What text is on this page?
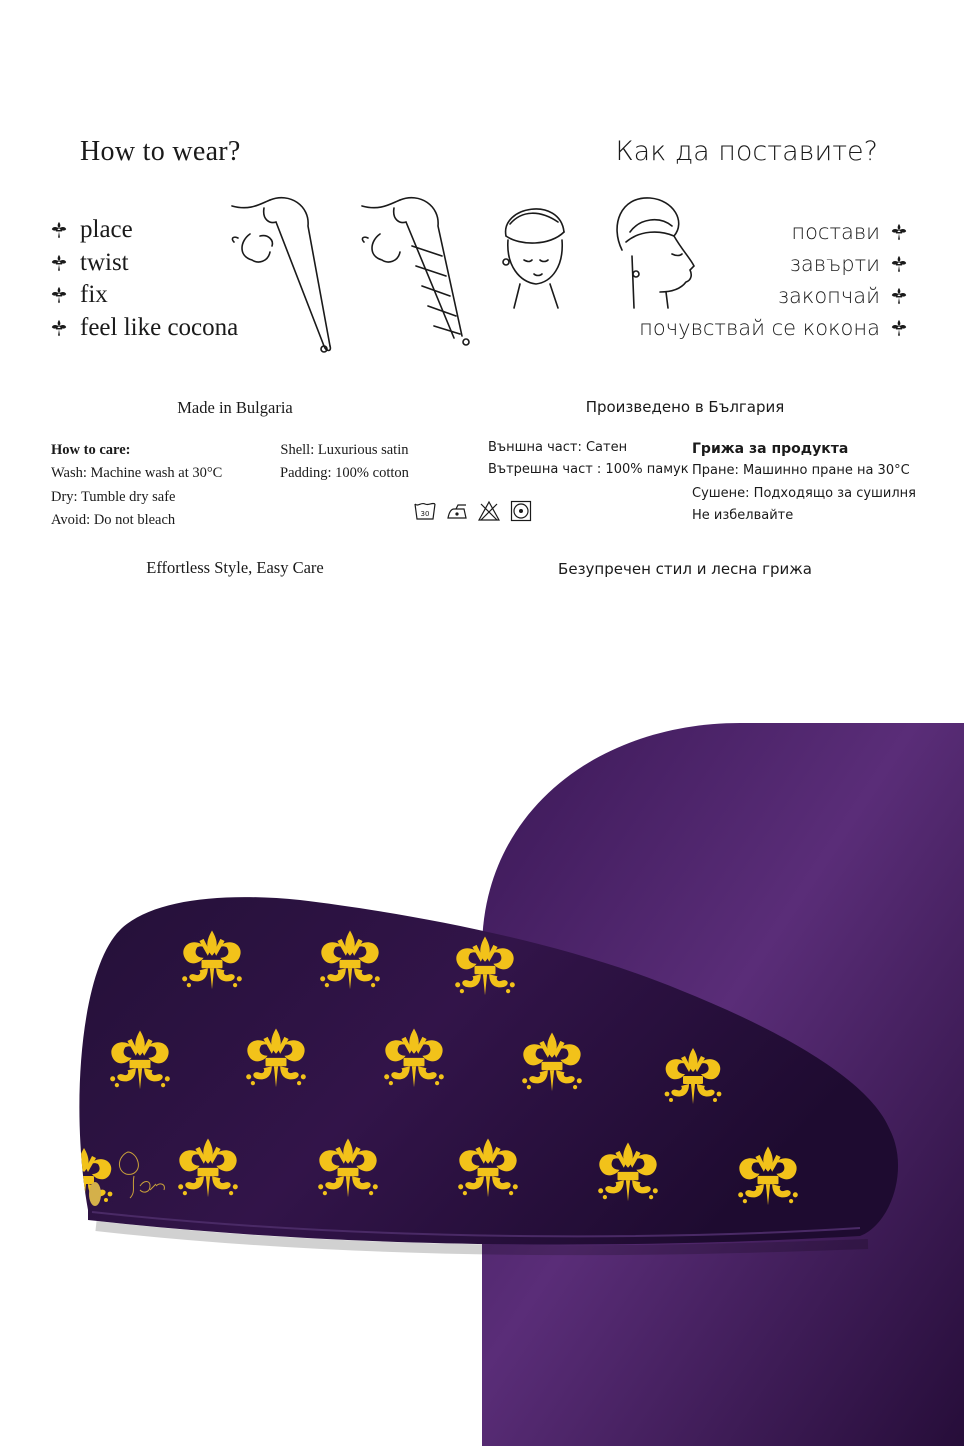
How to wear?	Как да поставите?
place
twist
fix
feel like cocona
постави
завърти
закопчай
почувствай се кокона
Made in Bulgaria	Произведено в България
How to care:
Wash: Machine wash at 30°C
Dry: Tumble dry safe
Avoid: Do not bleach
Shell: Luxurious satin
Padding: 100% cotton
Външна част: Сатен
Вътрешна част : 100% памук
Грижа за продукта
Пране: Машинно пране на 30°C
Сушене: Подходящо за сушилня
Не избелвайте
30
Effortless Style, Easy Care	Безупречен стил и лесна грижа
